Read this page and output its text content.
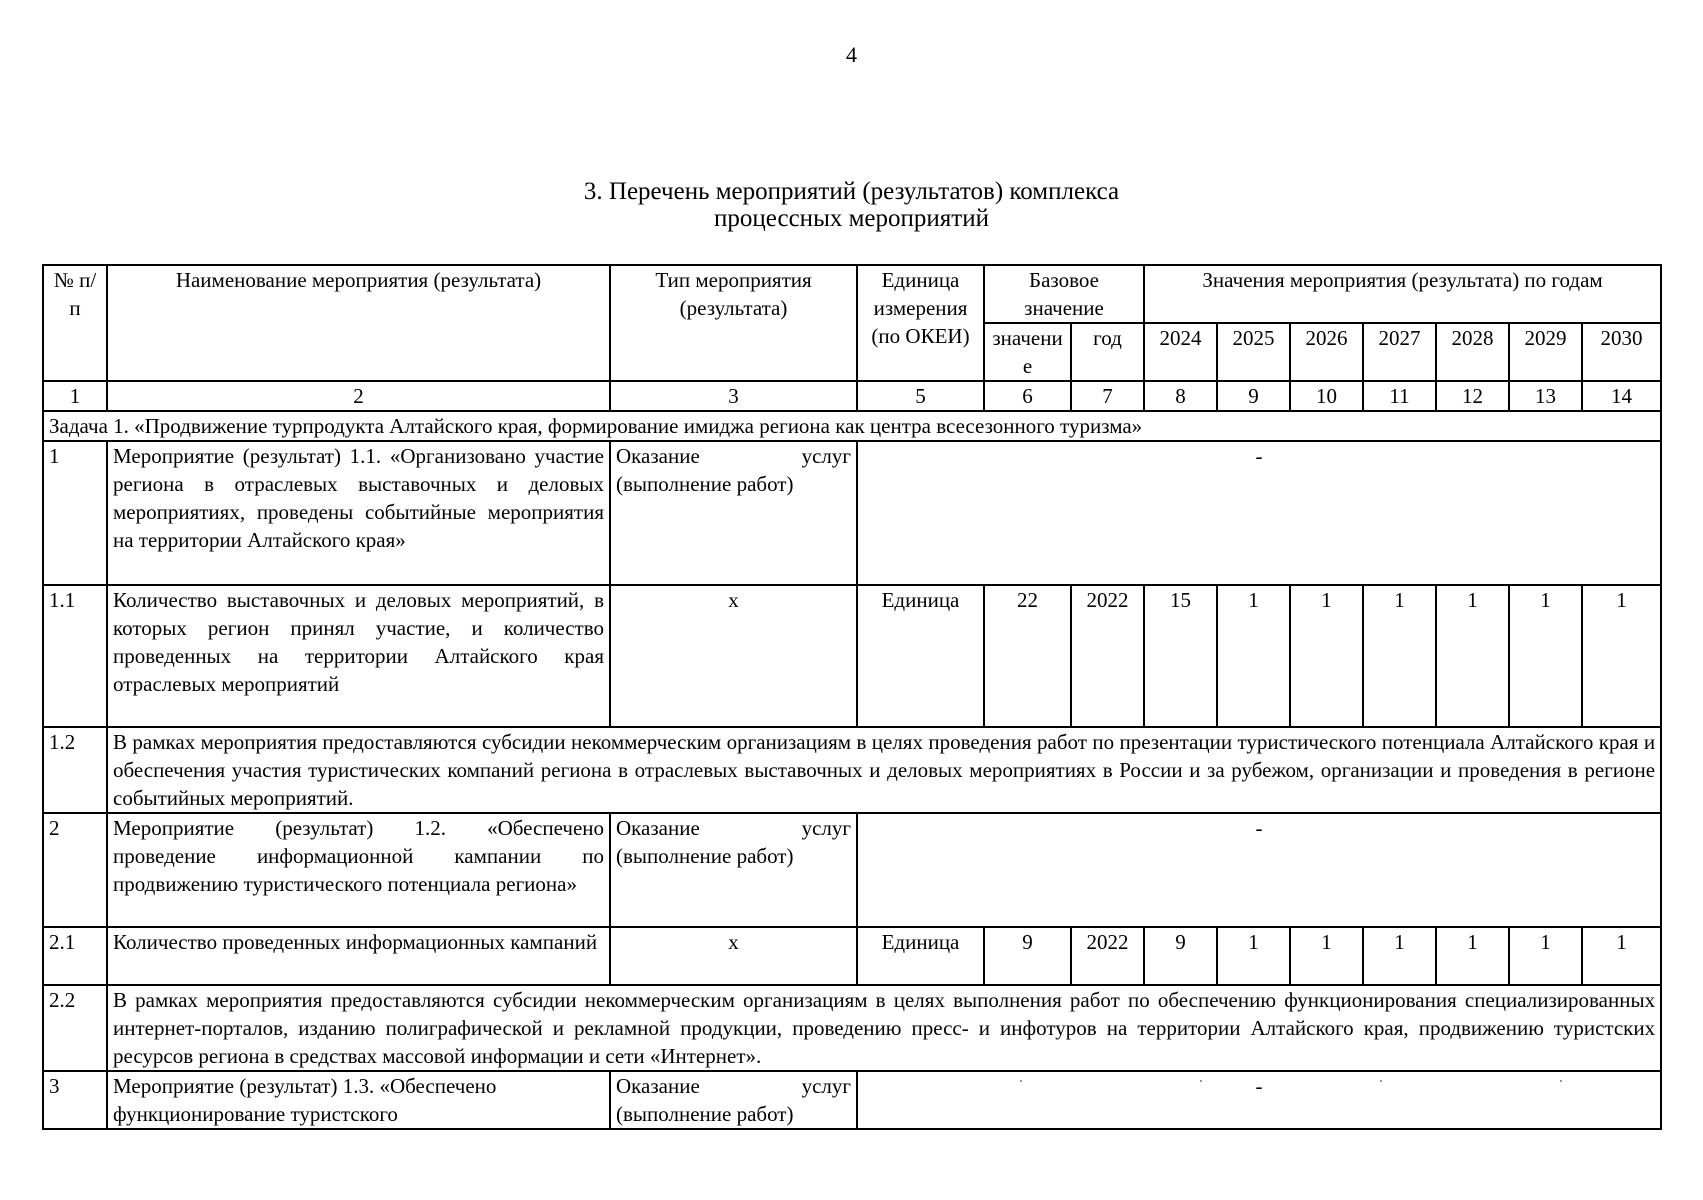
4
3. Перечень мероприятий (результатов) комплекса
процессных мероприятий
№ п/п	Наименование мероприятия (результата)	Тип мероприятия (результата)	Единица измерения (по ОКЕИ)	Базовое значение		Значения мероприятия (результата) по годам						
				значение	год	2024	2025	2026	2027	2028	2029	2030
1	2	3	5	6	7	8	9	10	11	12	13	14
Задача 1. «Продвижение турпродукта Алтайского края, формирование имиджа региона как центра всесезонного туризма»												
1	Мероприятие (результат) 1.1. «Организовано участие региона в отраслевых выставочных и деловых мероприятиях, проведены событийные мероприятия на территории Алтайского края»	Оказание услуг (выполнение работ)	-									
1.1	Количество выставочных и деловых мероприятий, в которых регион принял участие, и количество проведенных на территории Алтайского края отраслевых мероприятий	х	Единица	22	2022	15	1	1	1	1	1	1
1.2	В рамках мероприятия предоставляются субсидии некоммерческим организациям в целях проведения работ по презентации туристического потенциала Алтайского края и обеспечения участия туристических компаний региона в отраслевых выставочных и деловых мероприятиях в России и за рубежом, организации и проведения в регионе событийных мероприятий.											
2	Мероприятие (результат) 1.2. «Обеспечено проведение информационной кампании по продвижению туристического потенциала региона»	Оказание услуг (выполнение работ)	-									
2.1	Количество проведенных информационных кампаний	х	Единица	9	2022	9	1	1	1	1	1	1
2.2	В рамках мероприятия предоставляются субсидии некоммерческим организациям в целях выполнения работ по обеспечению функционирования специализированных интернет-порталов, изданию полиграфической и рекламной продукции, проведению пресс- и инфотуров на территории Алтайского края, продвижению туристских ресурсов региона в средствах массовой информации и сети «Интернет».											
3	Мероприятие (результат) 1.3. «Обеспечено функционирование туристского	Оказание услуг (выполнение работ)	-									
